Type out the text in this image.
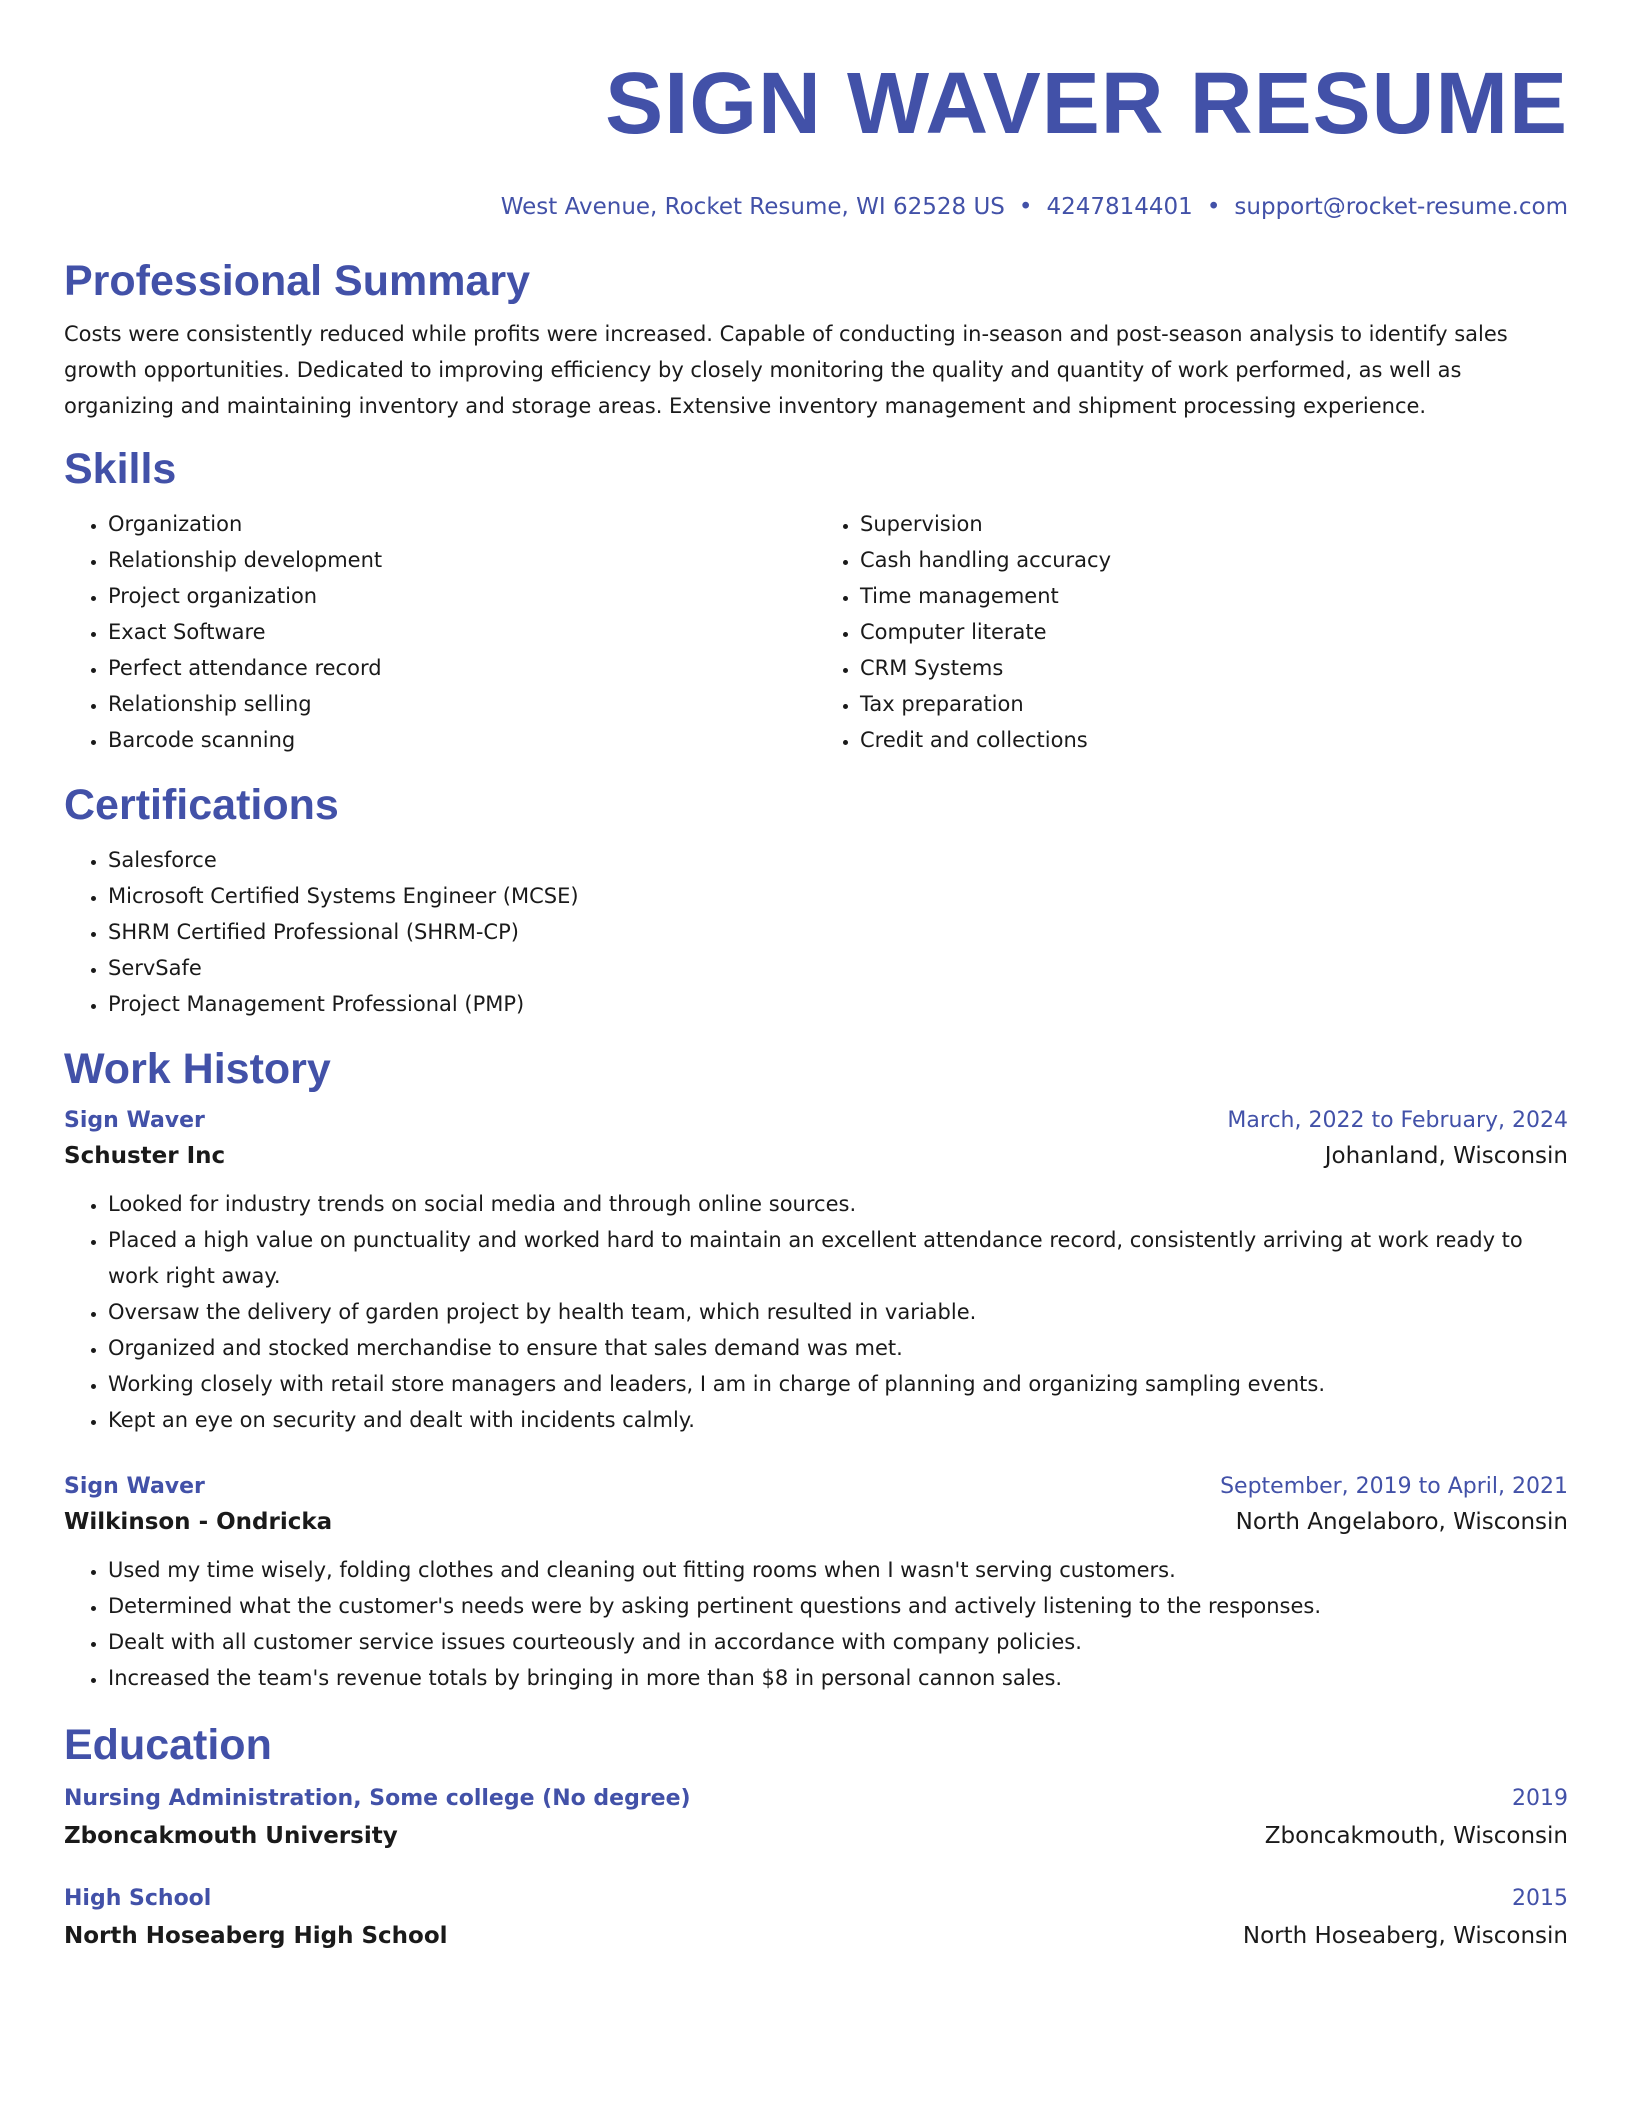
SIGN WAVER RESUME
West Avenue, Rocket Resume, WI 62528 US • 4247814401 • support@rocket-resume.com
Professional Summary

Costs were consistently reduced while profits were increased. Capable of conducting in-season and post-season analysis to identify sales growth opportunities. Dedicated to improving efficiency by closely monitoring the quality and quantity of work performed, as well as organizing and maintaining inventory and storage areas. Extensive inventory management and shipment processing experience.

Skills
• Organization
• Relationship development
• Project organization
• Exact Software
• Perfect attendance record
• Relationship selling
• Barcode scanning
• Supervision
• Cash handling accuracy
• Time management
• Computer literate
• CRM Systems
• Tax preparation
• Credit and collections
Certifications
• Salesforce
• Microsoft Certified Systems Engineer (MCSE)
• SHRM Certified Professional (SHRM-CP)
• ServSafe
• Project Management Professional (PMP)
Work History
Sign Waver	March, 2022 to February, 2024
Schuster Inc	Johanland, Wisconsin
• Looked for industry trends on social media and through online sources.
• Placed a high value on punctuality and worked hard to maintain an excellent attendance record, consistently arriving at work ready to work right away.
• Oversaw the delivery of garden project by health team, which resulted in variable.
• Organized and stocked merchandise to ensure that sales demand was met.
• Working closely with retail store managers and leaders, I am in charge of planning and organizing sampling events.
• Kept an eye on security and dealt with incidents calmly.
Sign Waver	September, 2019 to April, 2021
Wilkinson - Ondricka	North Angelaboro, Wisconsin
• Used my time wisely, folding clothes and cleaning out fitting rooms when I wasn't serving customers.
• Determined what the customer's needs were by asking pertinent questions and actively listening to the responses.
• Dealt with all customer service issues courteously and in accordance with company policies.
• Increased the team's revenue totals by bringing in more than $8 in personal cannon sales.
Education
Nursing Administration, Some college (No degree)	2019
Zboncakmouth University	Zboncakmouth, Wisconsin
High School	2015
North Hoseaberg High School	North Hoseaberg, Wisconsin
